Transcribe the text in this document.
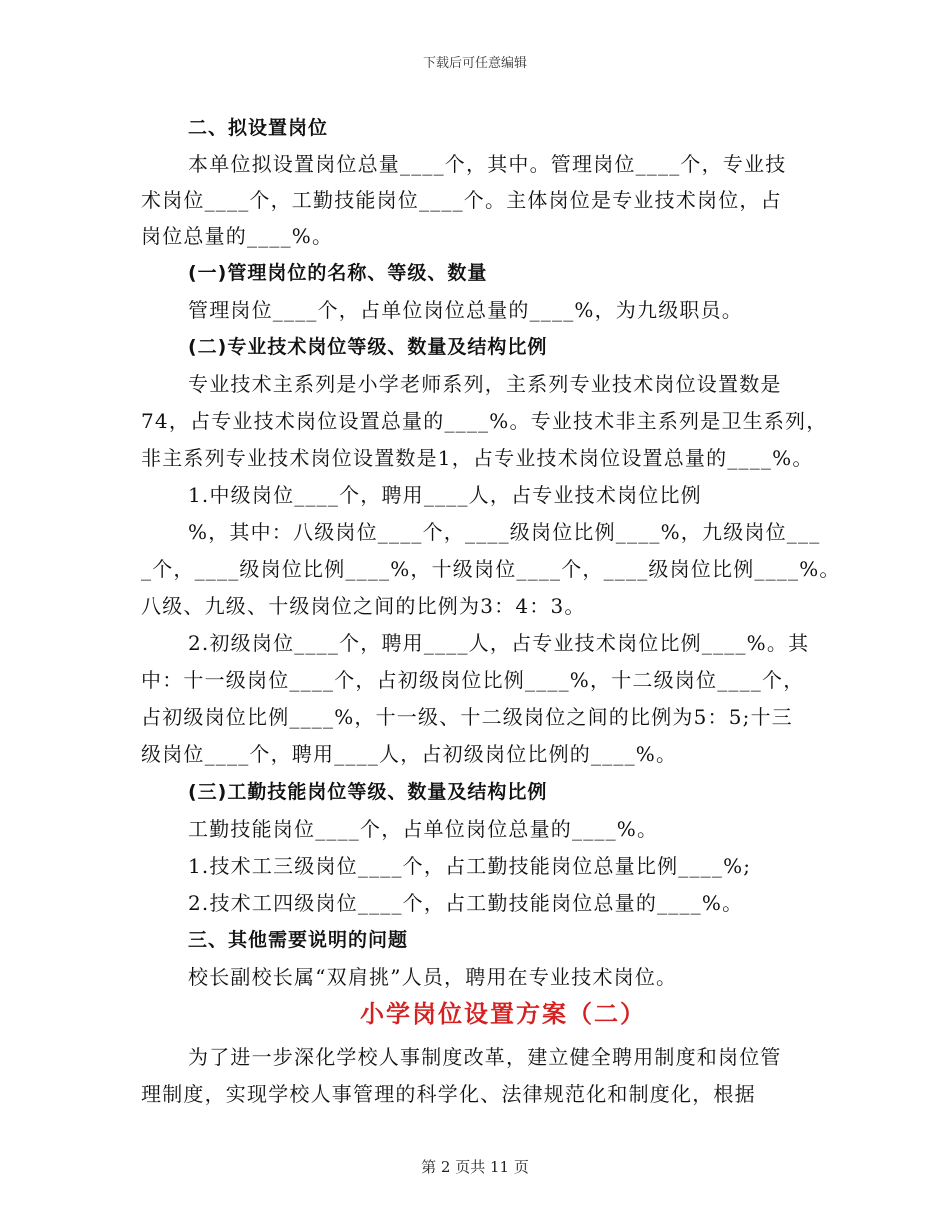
下载后可任意编辑
二、拟设置岗位
本单位拟设置岗位总量____个，其中。管理岗位____个，专业技
术岗位____个，工勤技能岗位____个。主体岗位是专业技术岗位，占
岗位总量的____%。
(一)管理岗位的名称、等级、数量
管理岗位____个，占单位岗位总量的____%，为九级职员。
(二)专业技术岗位等级、数量及结构比例
专业技术主系列是小学老师系列，主系列专业技术岗位设置数是
74，占专业技术岗位设置总量的____%。专业技术非主系列是卫生系列，
非主系列专业技术岗位设置数是1，占专业技术岗位设置总量的____%。
1.中级岗位____个，聘用____人，占专业技术岗位比例
%，其中：八级岗位____个，____级岗位比例____%，九级岗位___
_个，____级岗位比例____%，十级岗位____个，____级岗位比例____%。
八级、九级、十级岗位之间的比例为3：4：3。
2.初级岗位____个，聘用____人，占专业技术岗位比例____%。其
中：十一级岗位____个，占初级岗位比例____%，十二级岗位____个，
占初级岗位比例____%，十一级、十二级岗位之间的比例为5：5;十三
级岗位____个，聘用____人，占初级岗位比例的____%。
(三)工勤技能岗位等级、数量及结构比例
工勤技能岗位____个，占单位岗位总量的____%。
1.技术工三级岗位____个，占工勤技能岗位总量比例____%;
2.技术工四级岗位____个，占工勤技能岗位总量的____%。
三、其他需要说明的问题
校长副校长属“双肩挑”人员，聘用在专业技术岗位。
小学岗位设置方案（二）
为了进一步深化学校人事制度改革，建立健全聘用制度和岗位管
理制度，实现学校人事管理的科学化、法律规范化和制度化，根据
第 2 页共 11 页
